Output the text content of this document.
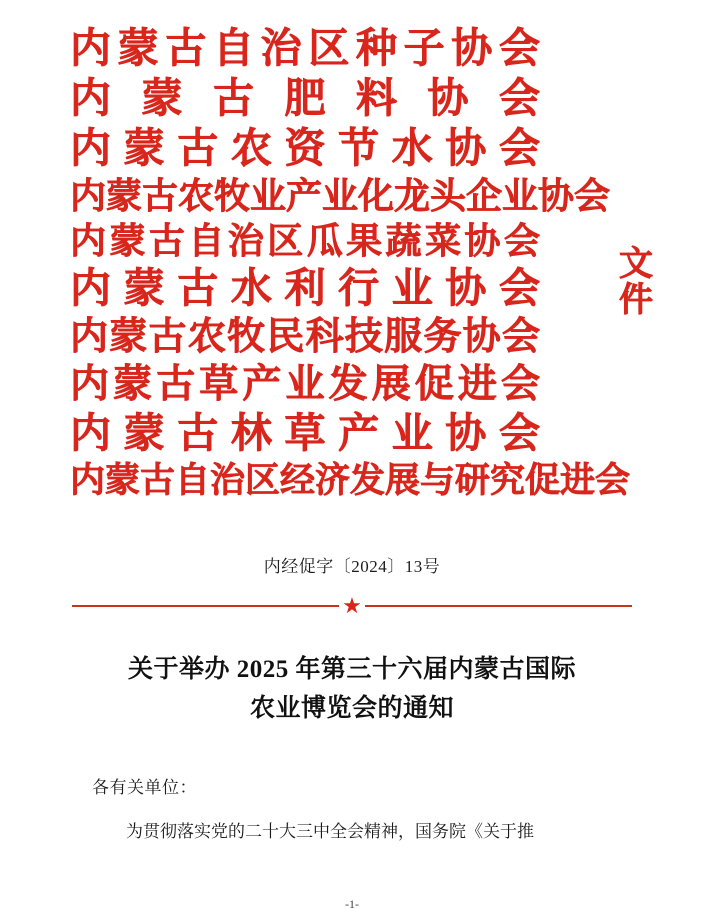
内蒙古自治区种子协会
内蒙古肥料协会
内蒙古农资节水协会
内蒙古农牧业产业化龙头企业协会
内蒙古自治区瓜果蔬菜协会
内蒙古水利行业协会
内蒙古农牧民科技服务协会
内蒙古草产业发展促进会
内蒙古林草产业协会
内蒙古自治区经济发展与研究促进会
文件
内经促字〔2024〕13号
★
关于举办 2025 年第三十六届内蒙古国际
农业博览会的通知
各有关单位：
为贯彻落实党的二十大三中全会精神，国务院《关于推
-1-
